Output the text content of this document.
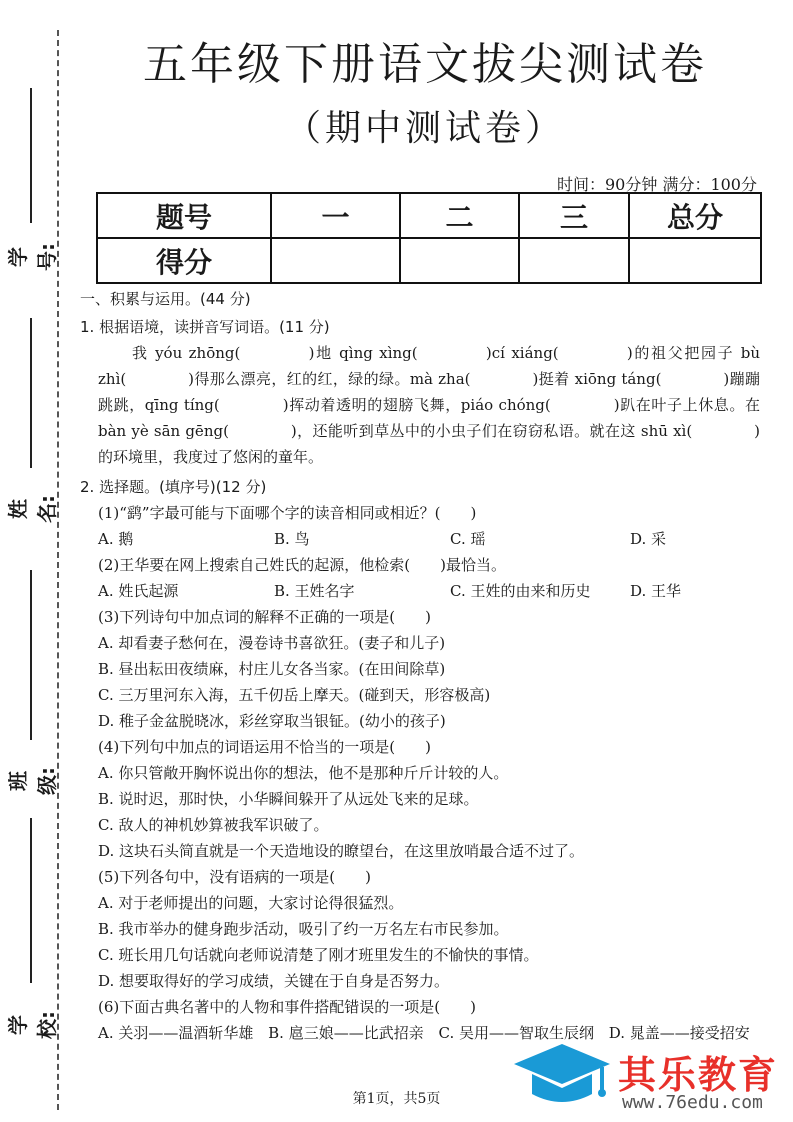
学号:
姓名:
班级:
学校:
五年级下册语文拔尖测试卷
（期中测试卷）
时间：90分钟 满分：100分
题号	一	二	三	总分
得分				
一、积累与运用。(44 分)
1. 根据语境，读拼音写词语。(11 分)
我 yóu zhōng(　　　　)地 qìng xìng(　　　　)cí xiáng(　　　　)的祖父把园子 bù zhì(　　　　)得那么漂亮，红的红，绿的绿。mà zha(　　　　)挺着 xiōng táng(　　　　)蹦蹦跳跳，qīng tíng(　　　　)挥动着透明的翅膀飞舞，piáo chóng(　　　　)趴在叶子上休息。在 bàn yè sān gēng(　　　　)，还能听到草丛中的小虫子们在窃窃私语。就在这 shū xì(　　　　)的环境里，我度过了悠闲的童年。
2. 选择题。(填序号)(12 分)
(1)“鹞”字最可能与下面哪个字的读音相同或相近？(　　)
A. 鹅	B. 鸟	C. 瑶	D. 采
(2)王华要在网上搜索自己姓氏的起源，他检索(　　)最恰当。
A. 姓氏起源	B. 王姓名字	C. 王姓的由来和历史	D. 王华
(3)下列诗句中加点词的解释不正确的一项是(　　)
A. 却看妻子愁何在，漫卷诗书喜欲狂。(妻子和儿子)
B. 昼出耘田夜绩麻，村庄儿女各当家。(在田间除草)
C. 三万里河东入海，五千仞岳上摩天。(碰到天，形容极高)
D. 稚子金盆脱晓冰，彩丝穿取当银钲。(幼小的孩子)
(4)下列句中加点的词语运用不恰当的一项是(　　)
A. 你只管敞开胸怀说出你的想法，他不是那种斤斤计较的人。
B. 说时迟，那时快，小华瞬间躲开了从远处飞来的足球。
C. 敌人的神机妙算被我军识破了。
D. 这块石头简直就是一个天造地设的瞭望台，在这里放哨最合适不过了。
(5)下列各句中，没有语病的一项是(　　)
A. 对于老师提出的问题，大家讨论得很猛烈。
B. 我市举办的健身跑步活动，吸引了约一万名左右市民参加。
C. 班长用几句话就向老师说清楚了刚才班里发生的不愉快的事情。
D. 想要取得好的学习成绩，关键在于自身是否努力。
(6)下面古典名著中的人物和事件搭配错误的一项是(　　)
A. 关羽——温酒斩华雄 B. 扈三娘——比武招亲 C. 吴用——智取生辰纲 D. 晁盖——接受招安
其乐教育
www.76edu.com
第1页，共5页
